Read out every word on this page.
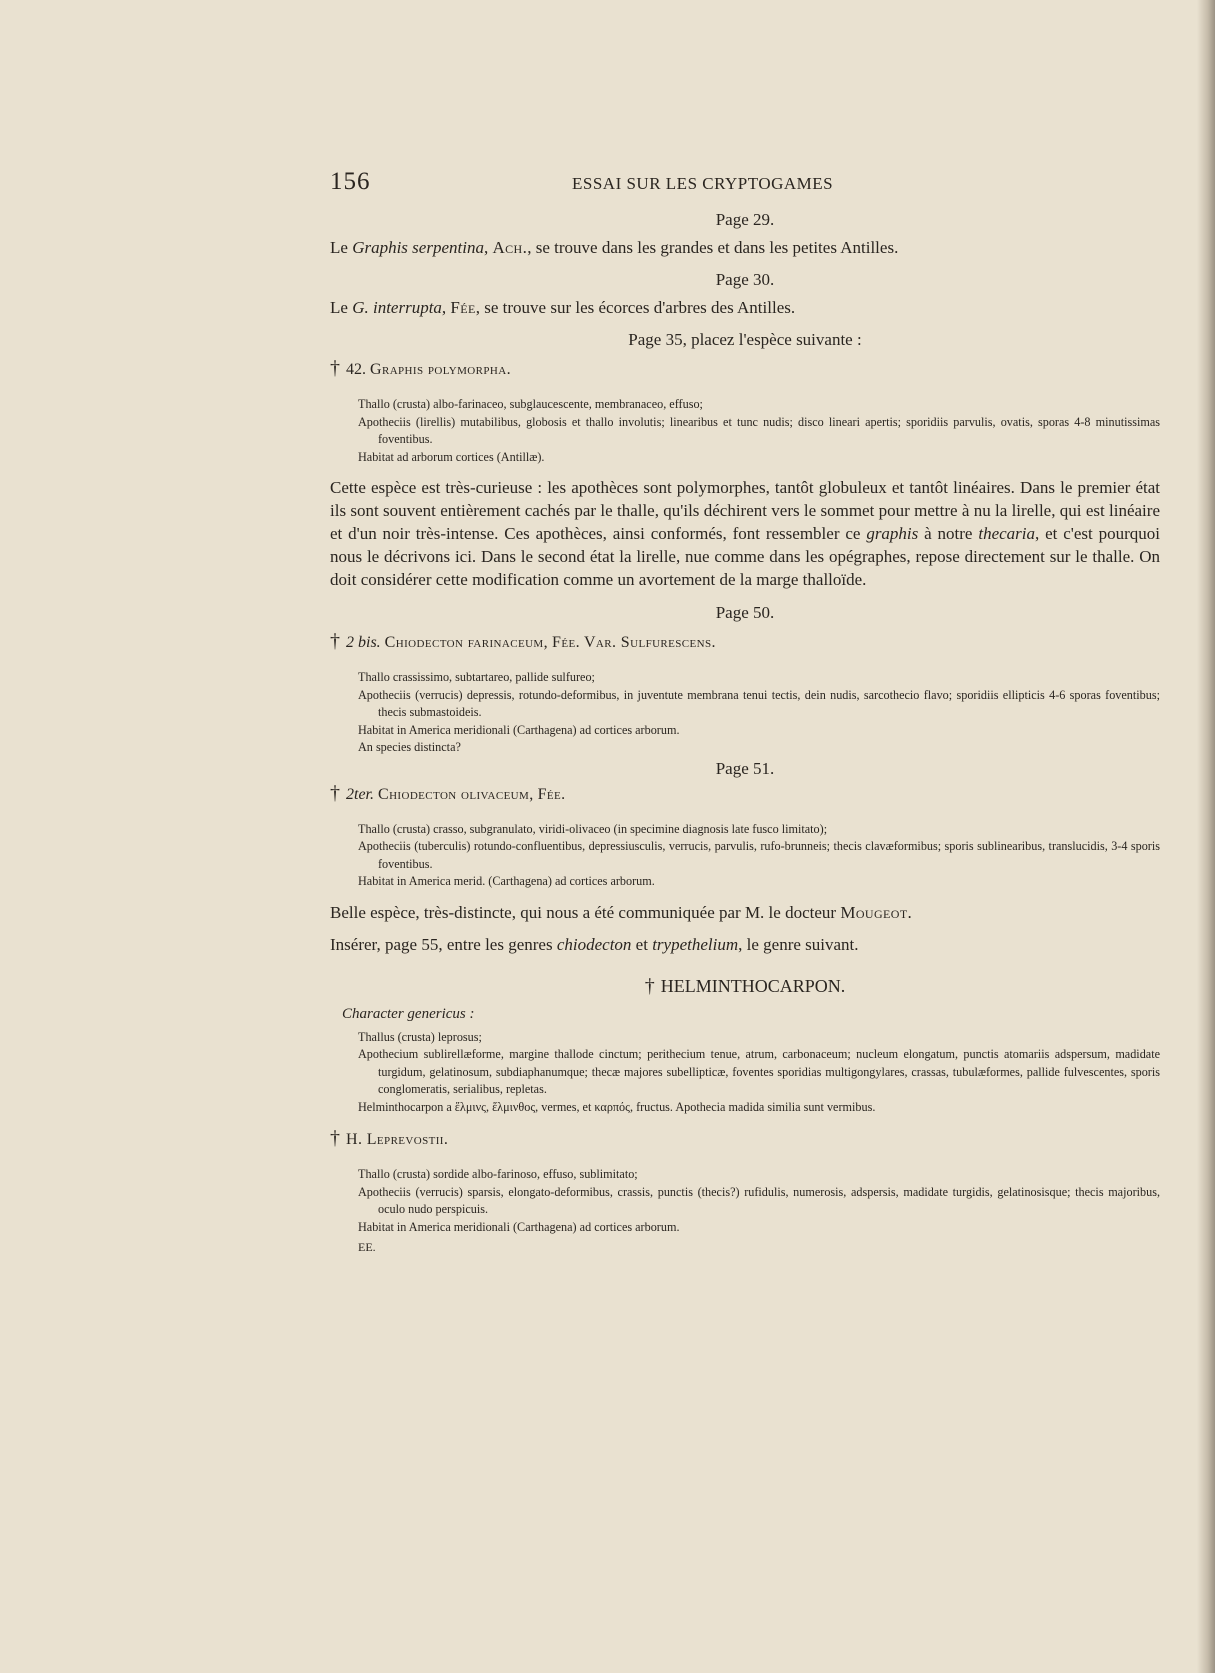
156	ESSAI SUR LES CRYPTOGAMES

Page 29.

Le Graphis serpentina, Ach., se trouve dans les grandes et dans les petites Antilles.

Page 30.

Le G. interrupta, Fée, se trouve sur les écorces d'arbres des Antilles.

Page 35, placez l'espèce suivante :

† 42. Graphis polymorpha.

Thallo (crusta) albo-farinaceo, subglaucescente, membranaceo, effuso;

Apotheciis (lirellis) mutabilibus, globosis et thallo involutis; linearibus et tunc nudis; disco lineari apertis; sporidiis parvulis, ovatis, sporas 4-8 minutissimas foventibus.

Habitat ad arborum cortices (Antillæ).

Cette espèce est très-curieuse : les apothèces sont polymorphes, tantôt globuleux et tantôt linéaires. Dans le premier état ils sont souvent entièrement cachés par le thalle, qu'ils déchirent vers le sommet pour mettre à nu la lirelle, qui est linéaire et d'un noir très-intense. Ces apothèces, ainsi conformés, font ressembler ce graphis à notre thecaria, et c'est pourquoi nous le décrivons ici. Dans le second état la lirelle, nue comme dans les opégraphes, repose directement sur le thalle. On doit considérer cette modification comme un avortement de la marge thalloïde.

Page 50.

† 2 bis. Chiodecton farinaceum, Fée. Var. Sulfurescens.

Thallo crassissimo, subtartareo, pallide sulfureo;

Apotheciis (verrucis) depressis, rotundo-deformibus, in juventute membrana tenui tectis, dein nudis, sarcothecio flavo; sporidiis ellipticis 4-6 sporas foventibus; thecis submastoideis.

Habitat in America meridionali (Carthagena) ad cortices arborum.

An species distincta?

Page 51.

† 2ter. Chiodecton olivaceum, Fée.

Thallo (crusta) crasso, subgranulato, viridi-olivaceo (in specimine diagnosis late fusco limitato);

Apotheciis (tuberculis) rotundo-confluentibus, depressiusculis, verrucis, parvulis, rufo-brunneis; thecis clavæformibus; sporis sublinearibus, translucidis, 3-4 sporis foventibus.

Habitat in America merid. (Carthagena) ad cortices arborum.

Belle espèce, très-distincte, qui nous a été communiquée par M. le docteur Mougeot.

Insérer, page 55, entre les genres chiodecton et trypethelium, le genre suivant.

† HELMINTHOCARPON.

Character genericus :

Thallus (crusta) leprosus;

Apothecium sublirellæforme, margine thallode cinctum; perithecium tenue, atrum, carbonaceum; nucleum elongatum, punctis atomariis adspersum, madidate turgidum, gelatinosum, subdiaphanumque; thecæ majores subellipticæ, foventes sporidias multigongylares, crassas, tubulæformes, pallide fulvescentes, sporis conglomeratis, serialibus, repletas.

Helminthocarpon a ἕλμινς, ἕλμινθος, vermes, et καρπός, fructus. Apothecia madida similia sunt vermibus.

† H. Leprevostii.

Thallo (crusta) sordide albo-farinoso, effuso, sublimitato;

Apotheciis (verrucis) sparsis, elongato-deformibus, crassis, punctis (thecis?) rufidulis, numerosis, adspersis, madidate turgidis, gelatinosisque; thecis majoribus, oculo nudo perspicuis.

Habitat in America meridionali (Carthagena) ad cortices arborum.

EE.
